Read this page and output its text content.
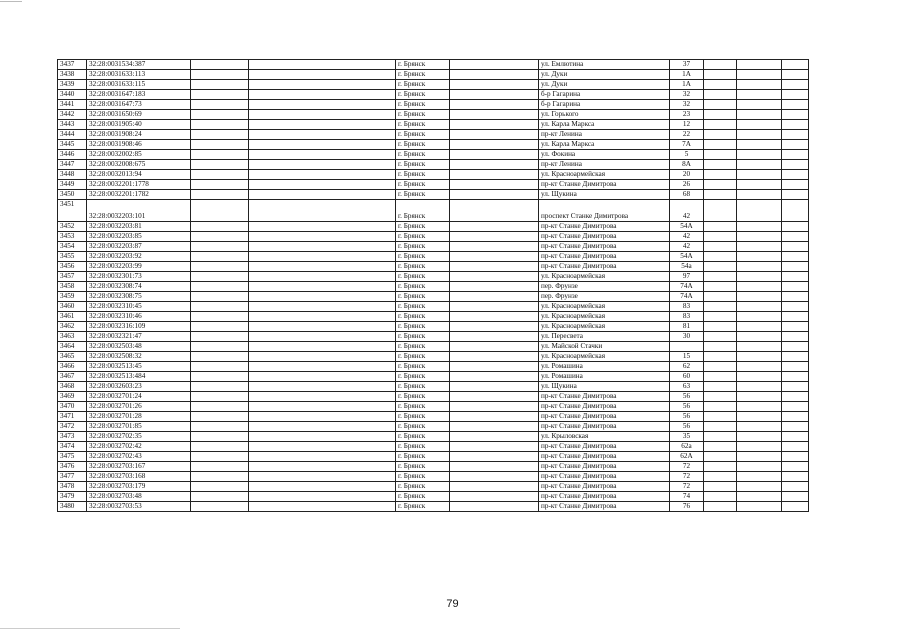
3437	32:28:0031534:387			г. Брянск		ул. Емлютина	37			
3438	32:28:0031633:113			г. Брянск		ул. Дуки	1А			
3439	32:28:0031633:115			г. Брянск		ул. Дуки	1А			
3440	32:28:0031647:183			г. Брянск		б-р Гагарина	32			
3441	32:28:0031647:73			г. Брянск		б-р Гагарина	32			
3442	32:28:0031650:69			г. Брянск		ул. Горького	23			
3443	32:28:0031905:40			г. Брянск		ул. Карла Маркса	12			
3444	32:28:0031908:24			г. Брянск		пр-кт Ленина	22			
3445	32:28:0031908:46			г. Брянск		ул. Карла Маркса	7А			
3446	32:28:0032002:85			г. Брянск		ул. Фокина	5			
3447	32:28:0032008:675			г. Брянск		пр-кт Ленина	8А			
3448	32:28:0032013:94			г. Брянск		ул. Красноармейская	20			
3449	32:28:0032201:1778			г. Брянск		пр-кт Станке Димитрова	26			
3450	32:28:0032201:1782			г. Брянск		ул. Щукина	68			
3451	32:28:0032203:101			г. Брянск		проспект Станке Димитрова	42			
3452	32:28:0032203:81			г. Брянск		пр-кт Станке Димитрова	54А			
3453	32:28:0032203:85			г. Брянск		пр-кт Станке Димитрова	42			
3454	32:28:0032203:87			г. Брянск		пр-кт Станке Димитрова	42			
3455	32:28:0032203:92			г. Брянск		пр-кт Станке Димитрова	54А			
3456	32:28:0032203:99			г. Брянск		пр-кт Станке Димитрова	54а			
3457	32:28:0032301:73			г. Брянск		ул. Красноармейская	97			
3458	32:28:0032308:74			г. Брянск		пер. Фрунзе	74А			
3459	32:28:0032308:75			г. Брянск		пер. Фрунзе	74А			
3460	32:28:0032310:45			г. Брянск		ул. Красноармейская	83			
3461	32:28:0032310:46			г. Брянск		ул. Красноармейская	83			
3462	32:28:0032316:109			г. Брянск		ул. Красноармейская	81			
3463	32:28:0032321:47			г. Брянск		ул. Пересвета	30			
3464	32:28:0032503:48			г. Брянск		ул. Майской Стачки				
3465	32:28:0032508:32			г. Брянск		ул. Красноармейская	15			
3466	32:28:0032513:45			г. Брянск		ул. Ромашина	62			
3467	32:28:0032513:484			г. Брянск		ул. Ромашина	60			
3468	32:28:0032603:23			г. Брянск		ул. Щукина	63			
3469	32:28:0032701:24			г. Брянск		пр-кт Станке Димитрова	56			
3470	32:28:0032701:26			г. Брянск		пр-кт Станке Димитрова	56			
3471	32:28:0032701:28			г. Брянск		пр-кт Станке Димитрова	56			
3472	32:28:0032701:85			г. Брянск		пр-кт Станке Димитрова	56			
3473	32:28:0032702:35			г. Брянск		ул. Крыловская	35			
3474	32:28:0032702:42			г. Брянск		пр-кт Станке Димитрова	62а			
3475	32:28:0032702:43			г. Брянск		пр-кт Станке Димитрова	62А			
3476	32:28:0032703:167			г. Брянск		пр-кт Станке Димитрова	72			
3477	32:28:0032703:168			г. Брянск		пр-кт Станке Димитрова	72			
3478	32:28:0032703:179			г. Брянск		пр-кт Станке Димитрова	72			
3479	32:28:0032703:48			г. Брянск		пр-кт Станке Димитрова	74			
3480	32:28:0032703:53			г. Брянск		пр-кт Станке Димитрова	76			
79
